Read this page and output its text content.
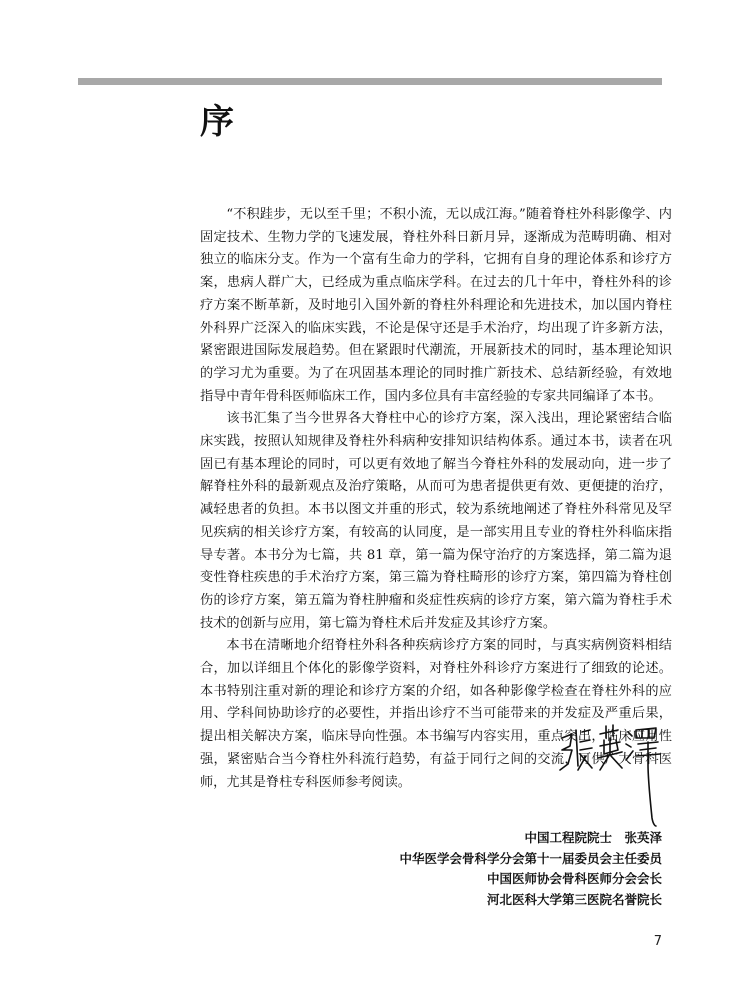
序

“不积跬步，无以至千里；不积小流，无以成江海。”随着脊柱外科影像学、内固定技术、生物力学的飞速发展，脊柱外科日新月异，逐渐成为范畴明确、相对独立的临床分支。作为一个富有生命力的学科，它拥有自身的理论体系和诊疗方案，患病人群广大，已经成为重点临床学科。在过去的几十年中，脊柱外科的诊疗方案不断革新，及时地引入国外新的脊柱外科理论和先进技术，加以国内脊柱外科界广泛深入的临床实践，不论是保守还是手术治疗，均出现了许多新方法，紧密跟进国际发展趋势。但在紧跟时代潮流，开展新技术的同时，基本理论知识的学习尤为重要。为了在巩固基本理论的同时推广新技术、总结新经验，有效地指导中青年骨科医师临床工作，国内多位具有丰富经验的专家共同编译了本书。

该书汇集了当今世界各大脊柱中心的诊疗方案，深入浅出，理论紧密结合临床实践，按照认知规律及脊柱外科病种安排知识结构体系。通过本书，读者在巩固已有基本理论的同时，可以更有效地了解当今脊柱外科的发展动向，进一步了解脊柱外科的最新观点及治疗策略，从而可为患者提供更有效、更便捷的治疗，减轻患者的负担。本书以图文并重的形式，较为系统地阐述了脊柱外科常见及罕见疾病的相关诊疗方案，有较高的认同度，是一部实用且专业的脊柱外科临床指导专著。本书分为七篇，共 81 章，第一篇为保守治疗的方案选择，第二篇为退变性脊柱疾患的手术治疗方案，第三篇为脊柱畸形的诊疗方案，第四篇为脊柱创伤的诊疗方案，第五篇为脊柱肿瘤和炎症性疾病的诊疗方案，第六篇为脊柱手术技术的创新与应用，第七篇为脊柱术后并发症及其诊疗方案。

本书在清晰地介绍脊柱外科各种疾病诊疗方案的同时，与真实病例资料相结合，加以详细且个体化的影像学资料，对脊柱外科诊疗方案进行了细致的论述。本书特别注重对新的理论和诊疗方案的介绍，如各种影像学检查在脊柱外科的应用、学科间协助诊疗的必要性，并指出诊疗不当可能带来的并发症及严重后果，提出相关解决方案，临床导向性强。本书编写内容实用，重点突出，临床应用性强，紧密贴合当今脊柱外科流行趋势，有益于同行之间的交流，可供广大骨科医师，尤其是脊柱专科医师参考阅读。

中国工程院院士　张英泽
中华医学会骨科学分会第十一届委员会主任委员
中国医师协会骨科医师分会会长
河北医科大学第三医院名誉院长
7
